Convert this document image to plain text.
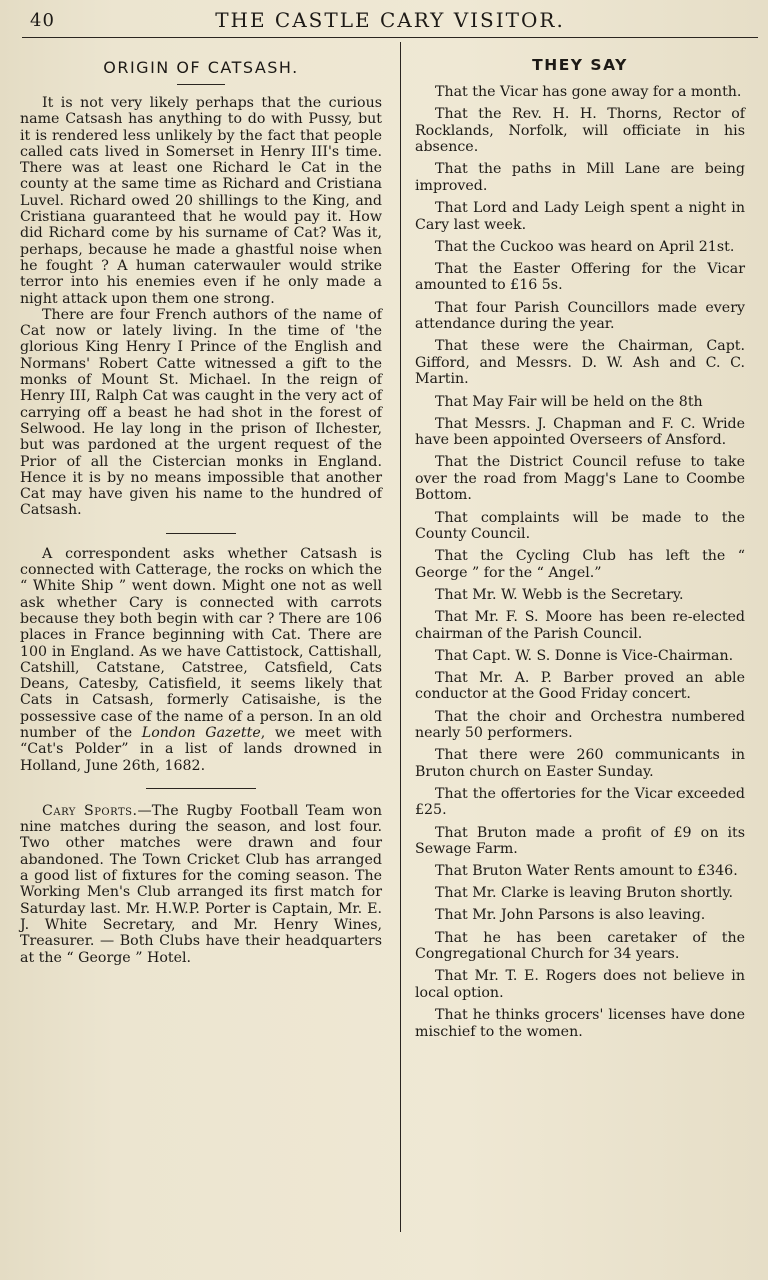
40	THE CASTLE CARY VISITOR.
ORIGIN OF CATSASH.

It is not very likely perhaps that the curious name Catsash has anything to do with Pussy, but it is rendered less unlikely by the fact that people called cats lived in Somerset in Henry III's time. There was at least one Richard le Cat in the county at the same time as Richard and Cristiana Luvel. Richard owed 20 shillings to the King, and Cristiana guaranteed that he would pay it. How did Richard come by his surname of Cat? Was it, perhaps, because he made a ghastful noise when he fought ? A human caterwauler would strike terror into his enemies even if he only made a night attack upon them one strong.

There are four French authors of the name of Cat now or lately living. In the time of 'the glorious King Henry I Prince of the English and Normans' Robert Catte witnessed a gift to the monks of Mount St. Michael. In the reign of Henry III, Ralph Cat was caught in the very act of carrying off a beast he had shot in the forest of Selwood. He lay long in the prison of Ilchester, but was pardoned at the urgent request of the Prior of all the Cistercian monks in England. Hence it is by no means impossible that another Cat may have given his name to the hundred of Catsash.

A correspondent asks whether Catsash is connected with Catterage, the rocks on which the “ White Ship ” went down. Might one not as well ask whether Cary is connected with carrots because they both begin with car ? There are 106 places in France beginning with Cat. There are 100 in England. As we have Cattistock, Cattishall, Catshill, Catstane, Catstree, Catsfield, Cats Deans, Catesby, Catisfield, it seems likely that Cats in Catsash, formerly Catisaishe, is the possessive case of the name of a person. In an old number of the London Gazette, we meet with “Cat's Polder” in a list of lands drowned in Holland, June 26th, 1682.

Cary Sports.—The Rugby Football Team won nine matches during the season, and lost four. Two other matches were drawn and four abandoned. The Town Cricket Club has arranged a good list of fixtures for the coming season. The Working Men's Club arranged its first match for Saturday last. Mr. H.W.P. Porter is Captain, Mr. E. J. White Secretary, and Mr. Henry Wines, Treasurer. — Both Clubs have their headquarters at the “ George ” Hotel.

THEY SAY
That the Vicar has gone away for a month.
That the Rev. H. H. Thorns, Rector of Rocklands, Norfolk, will officiate in his absence.
That the paths in Mill Lane are being improved.
That Lord and Lady Leigh spent a night in Cary last week.
That the Cuckoo was heard on April 21st.
That the Easter Offering for the Vicar amounted to £16 5s.
That four Parish Councillors made every attendance during the year.
That these were the Chairman, Capt. Gifford, and Messrs. D. W. Ash and C. C. Martin.
That May Fair will be held on the 8th
That Messrs. J. Chapman and F. C. Wride have been appointed Overseers of Ansford.
That the District Council refuse to take over the road from Magg's Lane to Coombe Bottom.
That complaints will be made to the County Council.
That the Cycling Club has left the “ George ” for the “ Angel.”
That Mr. W. Webb is the Secretary.
That Mr. F. S. Moore has been re-elected chairman of the Parish Council.
That Capt. W. S. Donne is Vice-Chairman.
That Mr. A. P. Barber proved an able conductor at the Good Friday concert.
That the choir and Orchestra numbered nearly 50 performers.
That there were 260 communicants in Bruton church on Easter Sunday.
That the offertories for the Vicar exceeded £25.
That Bruton made a profit of £9 on its Sewage Farm.
That Bruton Water Rents amount to £346.
That Mr. Clarke is leaving Bruton shortly.
That Mr. John Parsons is also leaving.
That he has been caretaker of the Congregational Church for 34 years.
That Mr. T. E. Rogers does not believe in local option.
That he thinks grocers' licenses have done mischief to the women.
